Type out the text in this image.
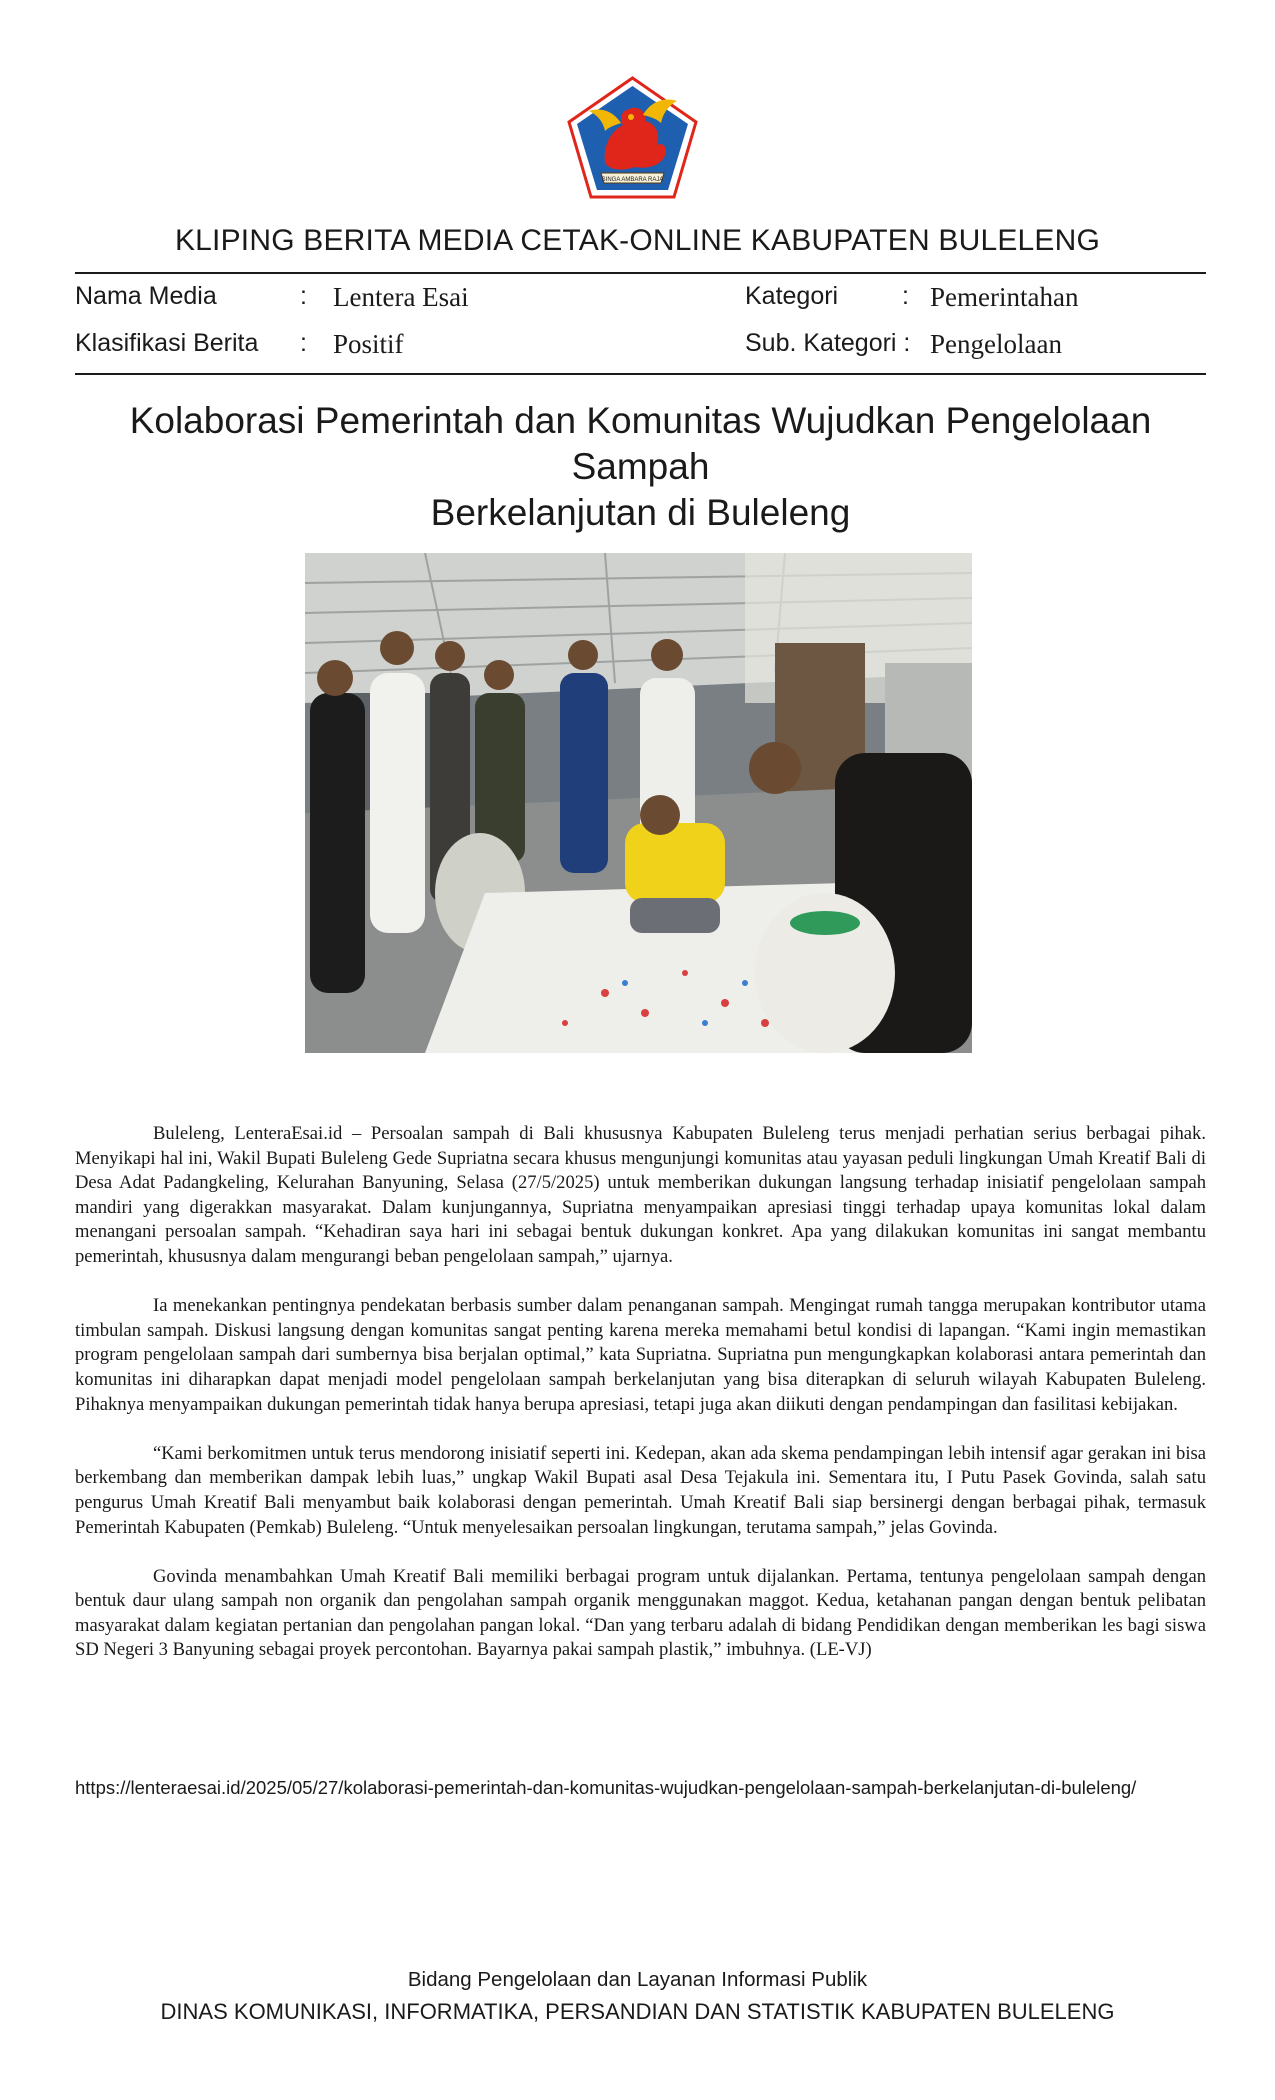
SINGA AMBARA RAJA
KLIPING BERITA MEDIA CETAK-ONLINE KABUPATEN BULELENG
Nama Media	: Lentera Esai	Kategori	: Pemerintahan
Klasifikasi Berita : Positif	Sub. Kategori : Pengelolaan
Kolaborasi Pemerintah dan Komunitas Wujudkan Pengelolaan Sampah
Berkelanjutan di Buleleng

Buleleng, LenteraEsai.id – Persoalan sampah di Bali khususnya Kabupaten Buleleng terus menjadi perhatian serius berbagai pihak. Menyikapi hal ini, Wakil Bupati Buleleng Gede Supriatna secara khusus mengunjungi komunitas atau yayasan peduli lingkungan Umah Kreatif Bali di Desa Adat Padangkeling, Kelurahan Banyuning, Selasa (27/5/2025) untuk memberikan dukungan langsung terhadap inisiatif pengelolaan sampah mandiri yang digerakkan masyarakat. Dalam kunjungannya, Supriatna menyampaikan apresiasi tinggi terhadap upaya komunitas lokal dalam menangani persoalan sampah. “Kehadiran saya hari ini sebagai bentuk dukungan konkret. Apa yang dilakukan komunitas ini sangat membantu pemerintah, khususnya dalam mengurangi beban pengelolaan sampah,” ujarnya.

Ia menekankan pentingnya pendekatan berbasis sumber dalam penanganan sampah. Mengingat rumah tangga merupakan kontributor utama timbulan sampah. Diskusi langsung dengan komunitas sangat penting karena mereka memahami betul kondisi di lapangan. “Kami ingin memastikan program pengelolaan sampah dari sumbernya bisa berjalan optimal,” kata Supriatna. Supriatna pun mengungkapkan kolaborasi antara pemerintah dan komunitas ini diharapkan dapat menjadi model pengelolaan sampah berkelanjutan yang bisa diterapkan di seluruh wilayah Kabupaten Buleleng. Pihaknya menyampaikan dukungan pemerintah tidak hanya berupa apresiasi, tetapi juga akan diikuti dengan pendampingan dan fasilitasi kebijakan.

“Kami berkomitmen untuk terus mendorong inisiatif seperti ini. Kedepan, akan ada skema pendampingan lebih intensif agar gerakan ini bisa berkembang dan memberikan dampak lebih luas,” ungkap Wakil Bupati asal Desa Tejakula ini. Sementara itu, I Putu Pasek Govinda, salah satu pengurus Umah Kreatif Bali menyambut baik kolaborasi dengan pemerintah. Umah Kreatif Bali siap bersinergi dengan berbagai pihak, termasuk Pemerintah Kabupaten (Pemkab) Buleleng. “Untuk menyelesaikan persoalan lingkungan, terutama sampah,” jelas Govinda.

Govinda menambahkan Umah Kreatif Bali memiliki berbagai program untuk dijalankan. Pertama, tentunya pengelolaan sampah dengan bentuk daur ulang sampah non organik dan pengolahan sampah organik menggunakan maggot. Kedua, ketahanan pangan dengan bentuk pelibatan masyarakat dalam kegiatan pertanian dan pengolahan pangan lokal. “Dan yang terbaru adalah di bidang Pendidikan dengan memberikan les bagi siswa SD Negeri 3 Banyuning sebagai proyek percontohan. Bayarnya pakai sampah plastik,” imbuhnya. (LE-VJ)

https://lenteraesai.id/2025/05/27/kolaborasi-pemerintah-dan-komunitas-wujudkan-pengelolaan-sampah-berkelanjutan-di-buleleng/
Bidang Pengelolaan dan Layanan Informasi Publik
DINAS KOMUNIKASI, INFORMATIKA, PERSANDIAN DAN STATISTIK KABUPATEN BULELENG
